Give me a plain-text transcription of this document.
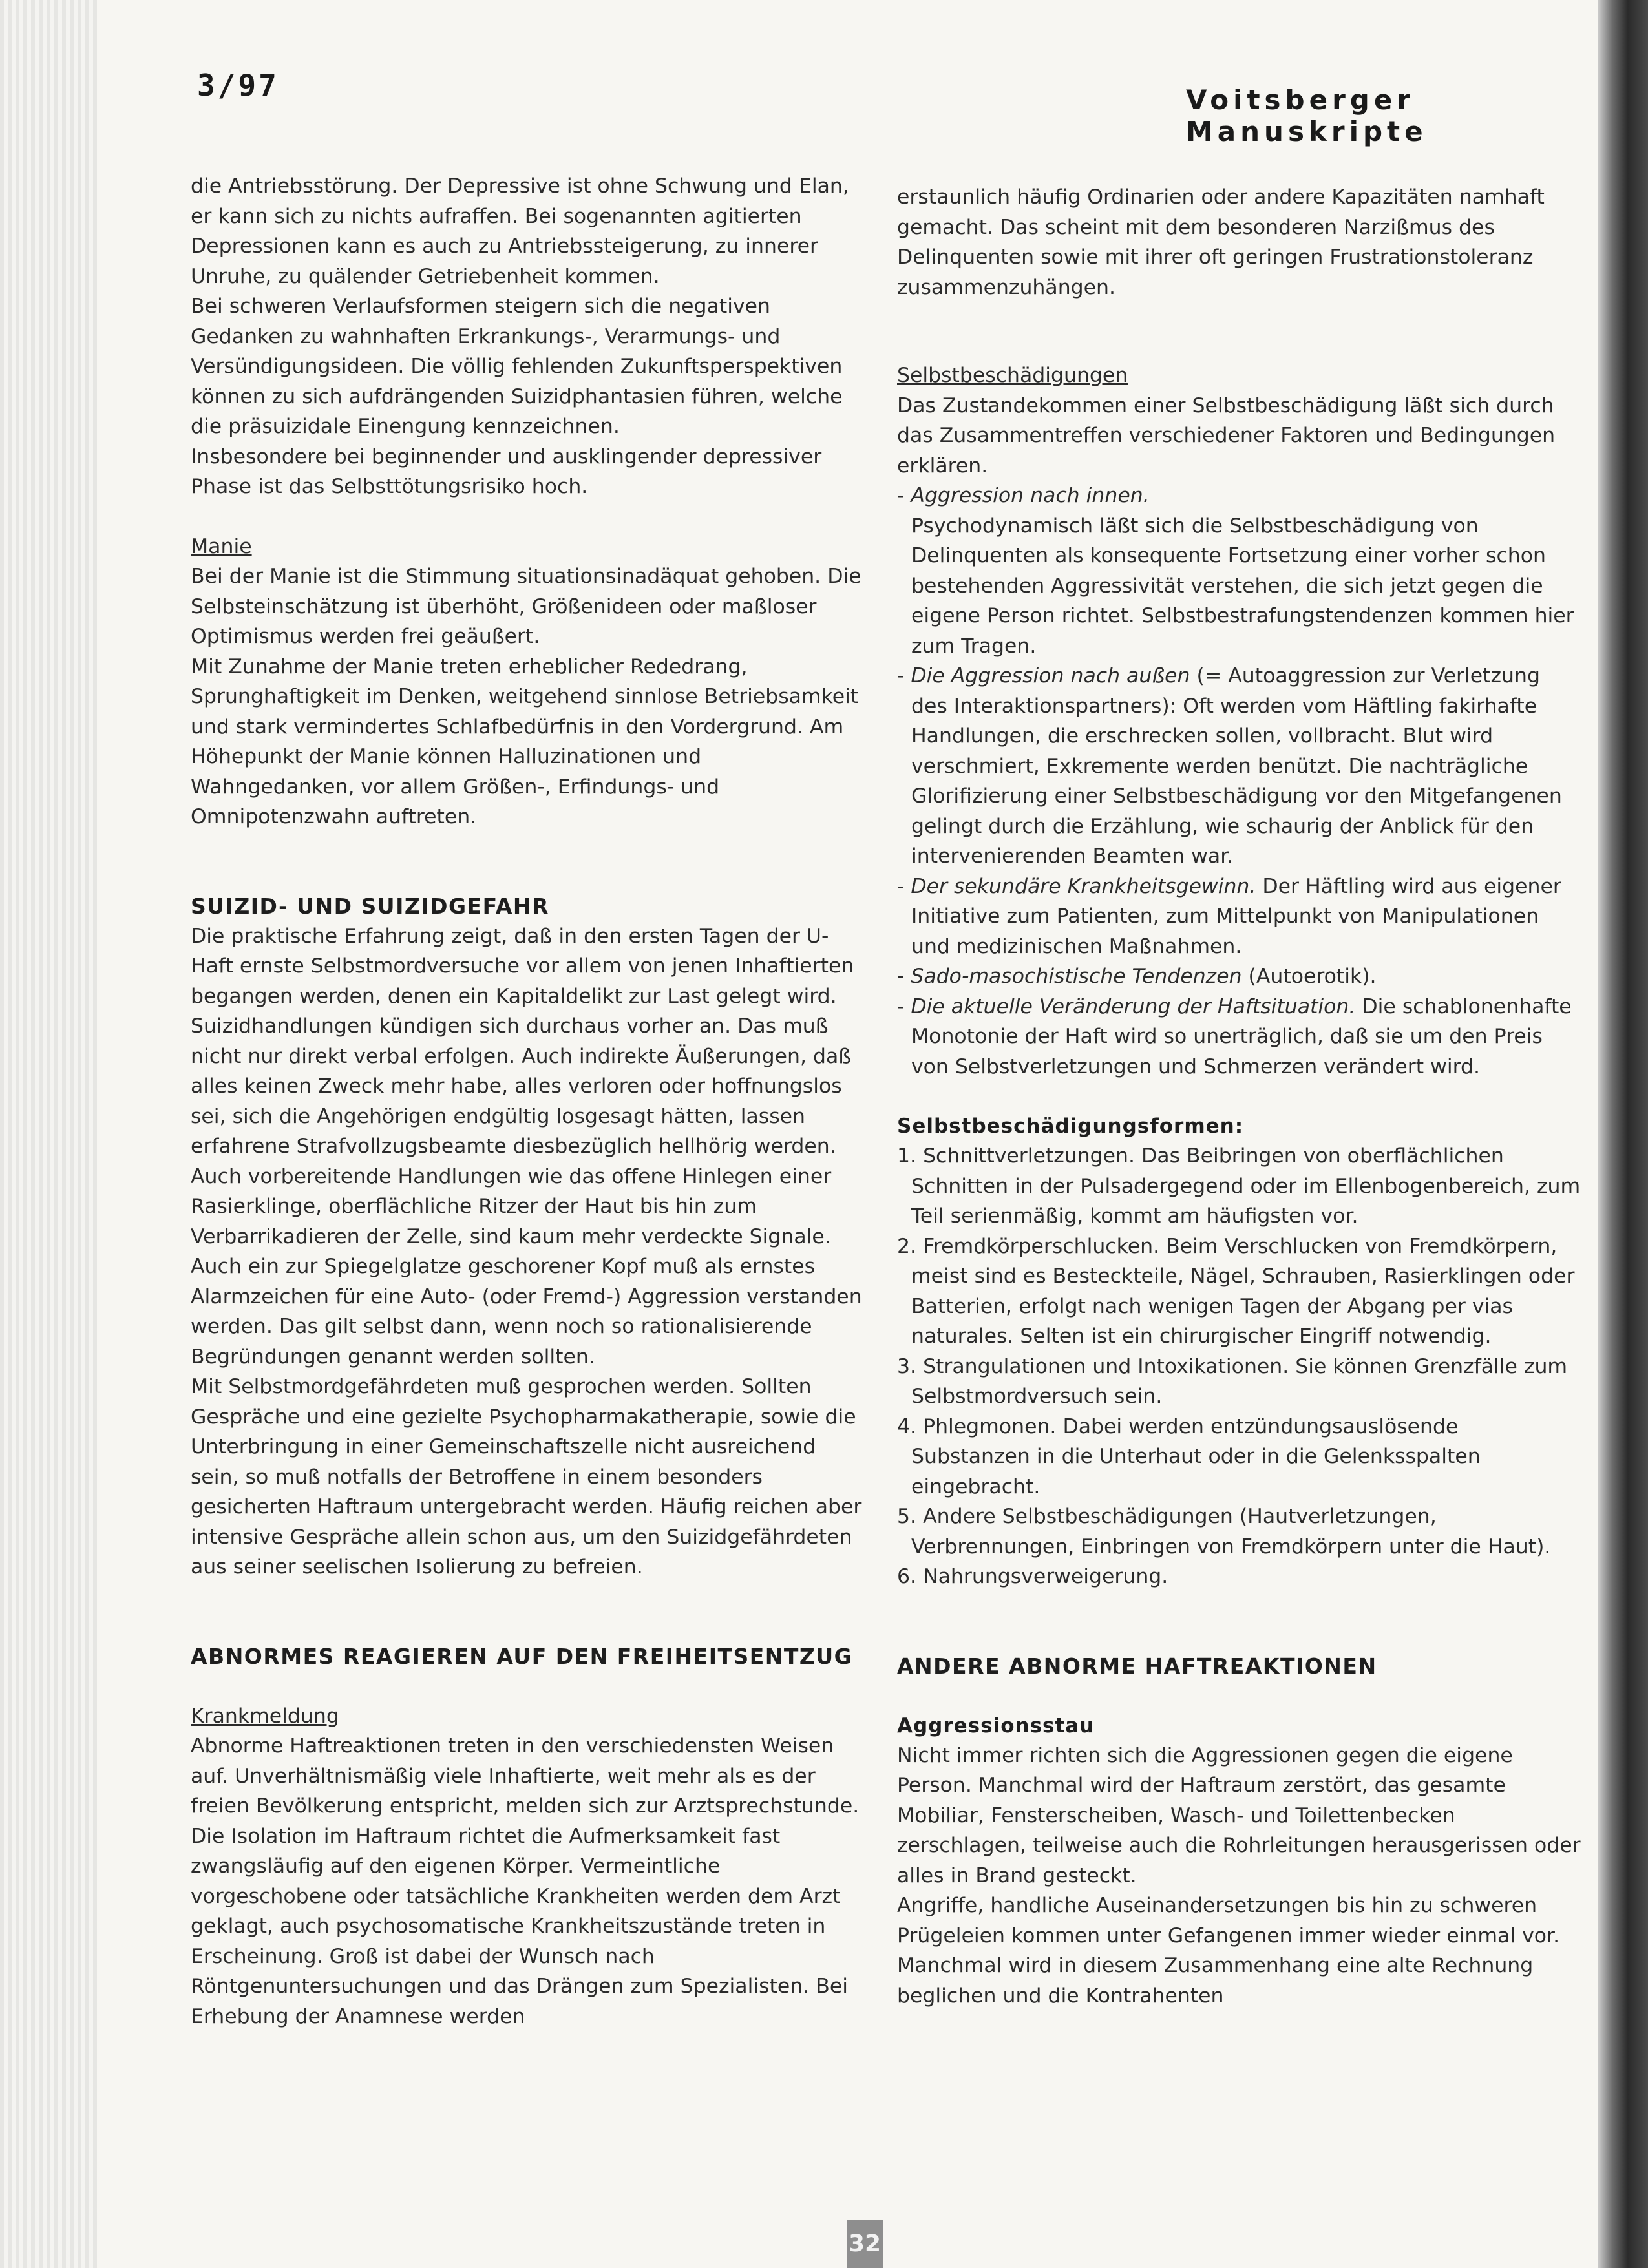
3/97	Voitsberger Manuskripte

die Antriebsstörung. Der Depressive ist ohne Schwung und Elan, er kann sich zu nichts aufraffen. Bei sogenannten agitierten Depressionen kann es auch zu Antriebssteigerung, zu innerer Unruhe, zu quälender Getriebenheit kommen.

Bei schweren Verlaufsformen steigern sich die negativen Gedanken zu wahnhaften Erkrankungs-, Verarmungs- und Versündigungsideen. Die völlig fehlenden Zukunftsperspektiven können zu sich aufdrängenden Suizidphantasien führen, welche die präsuizidale Einengung kennzeichnen.

Insbesondere bei beginnender und ausklingender depressiver Phase ist das Selbsttötungsrisiko hoch.

Manie

Bei der Manie ist die Stimmung situationsinadäquat gehoben. Die Selbsteinschätzung ist überhöht, Größenideen oder maßloser Optimismus werden frei geäußert.

Mit Zunahme der Manie treten erheblicher Rededrang, Sprunghaftigkeit im Denken, weitgehend sinnlose Betriebsamkeit und stark vermindertes Schlafbedürfnis in den Vordergrund. Am Höhepunkt der Manie können Halluzinationen und Wahngedanken, vor allem Größen-, Erfindungs- und Omnipotenzwahn auftreten.

SUIZID- UND SUIZIDGEFAHR

Die praktische Erfahrung zeigt, daß in den ersten Tagen der U-Haft ernste Selbstmordversuche vor allem von jenen Inhaftierten begangen werden, denen ein Kapitaldelikt zur Last gelegt wird. Suizidhandlungen kündigen sich durchaus vorher an. Das muß nicht nur direkt verbal erfolgen. Auch indirekte Äußerungen, daß alles keinen Zweck mehr habe, alles verloren oder hoffnungslos sei, sich die Angehörigen endgültig losgesagt hätten, lassen erfahrene Strafvollzugsbeamte diesbezüglich hellhörig werden. Auch vorbereitende Handlungen wie das offene Hinlegen einer Rasierklinge, oberflächliche Ritzer der Haut bis hin zum Verbarrikadieren der Zelle, sind kaum mehr verdeckte Signale. Auch ein zur Spiegelglatze geschorener Kopf muß als ernstes Alarmzeichen für eine Auto- (oder Fremd-) Aggression verstanden werden. Das gilt selbst dann, wenn noch so rationalisierende Begründungen genannt werden sollten.

Mit Selbstmordgefährdeten muß gesprochen werden. Sollten Gespräche und eine gezielte Psychopharmakatherapie, sowie die Unterbringung in einer Gemeinschaftszelle nicht ausreichend sein, so muß notfalls der Betroffene in einem besonders gesicherten Haftraum untergebracht werden. Häufig reichen aber intensive Gespräche allein schon aus, um den Suizidgefährdeten aus seiner seelischen Isolierung zu befreien.

ABNORMES REAGIEREN AUF DEN FREIHEITSENTZUG

Krankmeldung

Abnorme Haftreaktionen treten in den verschiedensten Weisen auf. Unverhältnismäßig viele Inhaftierte, weit mehr als es der freien Bevölkerung entspricht, melden sich zur Arztsprechstunde. Die Isolation im Haftraum richtet die Aufmerksamkeit fast zwangsläufig auf den eigenen Körper. Vermeintliche vorgeschobene oder tatsächliche Krankheiten werden dem Arzt geklagt, auch psychosomatische Krankheitszustände treten in Erscheinung. Groß ist dabei der Wunsch nach Röntgenuntersuchungen und das Drängen zum Spezialisten. Bei Erhebung der Anamnese werden

erstaunlich häufig Ordinarien oder andere Kapazitäten namhaft gemacht. Das scheint mit dem besonderen Narzißmus des Delinquenten sowie mit ihrer oft geringen Frustrationstoleranz zusammenzuhängen.

Selbstbeschädigungen

Das Zustandekommen einer Selbstbeschädigung läßt sich durch das Zusammentreffen verschiedener Faktoren und Bedingungen erklären.

- Aggression nach innen.
Psychodynamisch läßt sich die Selbstbeschädigung von Delinquenten als konsequente Fortsetzung einer vorher schon bestehenden Aggressivität verstehen, die sich jetzt gegen die eigene Person richtet. Selbstbestrafungstendenzen kommen hier zum Tragen.

- Die Aggression nach außen (= Autoaggression zur Verletzung des Interaktionspartners): Oft werden vom Häftling fakirhafte Handlungen, die erschrecken sollen, vollbracht. Blut wird verschmiert, Exkremente werden benützt. Die nachträgliche Glorifizierung einer Selbstbeschädigung vor den Mitgefangenen gelingt durch die Erzählung, wie schaurig der Anblick für den intervenierenden Beamten war.

- Der sekundäre Krankheitsgewinn. Der Häftling wird aus eigener Initiative zum Patienten, zum Mittelpunkt von Manipulationen und medizinischen Maßnahmen.

- Sado-masochistische Tendenzen (Autoerotik).

- Die aktuelle Veränderung der Haftsituation. Die schablonenhafte Monotonie der Haft wird so unerträglich, daß sie um den Preis von Selbstverletzungen und Schmerzen verändert wird.

Selbstbeschädigungsformen:

1. Schnittverletzungen. Das Beibringen von oberflächlichen Schnitten in der Pulsadergegend oder im Ellenbogenbereich, zum Teil serienmäßig, kommt am häufigsten vor.

2. Fremdkörperschlucken. Beim Verschlucken von Fremdkörpern, meist sind es Besteckteile, Nägel, Schrauben, Rasierklingen oder Batterien, erfolgt nach wenigen Tagen der Abgang per vias naturales. Selten ist ein chirurgischer Eingriff notwendig.

3. Strangulationen und Intoxikationen. Sie können Grenzfälle zum Selbstmordversuch sein.

4. Phlegmonen. Dabei werden entzündungsauslösende Substanzen in die Unterhaut oder in die Gelenksspalten eingebracht.

5. Andere Selbstbeschädigungen (Hautverletzungen, Verbrennungen, Einbringen von Fremdkörpern unter die Haut).

6. Nahrungsverweigerung.

ANDERE ABNORME HAFTREAKTIONEN

Aggressionsstau

Nicht immer richten sich die Aggressionen gegen die eigene Person. Manchmal wird der Haftraum zerstört, das gesamte Mobiliar, Fensterscheiben, Wasch- und Toilettenbecken zerschlagen, teilweise auch die Rohrleitungen herausgerissen oder alles in Brand gesteckt.

Angriffe, handliche Auseinandersetzungen bis hin zu schweren Prügeleien kommen unter Gefangenen immer wieder einmal vor. Manchmal wird in diesem Zusammenhang eine alte Rechnung beglichen und die Kontrahenten

32
